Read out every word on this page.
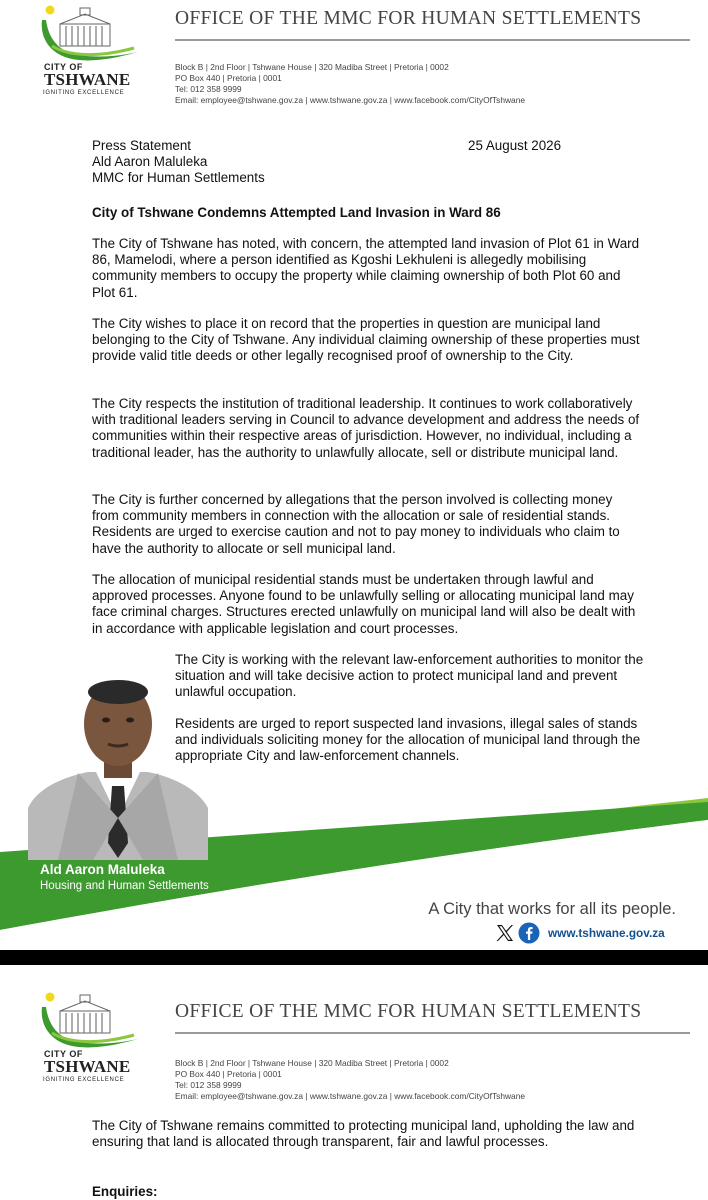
CITY OF
TSHWANE
IGNITING EXCELLENCE
OFFICE OF THE MMC FOR HUMAN SETTLEMENTS
Block B | 2nd Floor | Tshwane House | 320 Madiba Street | Pretoria | 0002
PO Box 440 | Pretoria | 0001
Tel: 012 358 9999
Email: employee@tshwane.gov.za | www.tshwane.gov.za | www.facebook.com/CityOfTshwane
Press Statement
Ald Aaron Maluleka
MMC for Human Settlements
25 August 2026
City of Tshwane Condemns Attempted Land Invasion in Ward 86
The City of Tshwane has noted, with concern, the attempted land invasion of Plot 61 in Ward 86, Mamelodi, where a person identified as Kgoshi Lekhuleni is allegedly mobilising community members to occupy the property while claiming ownership of both Plot 60 and Plot 61.
The City wishes to place it on record that the properties in question are municipal land belonging to the City of Tshwane. Any individual claiming ownership of these properties must provide valid title deeds or other legally recognised proof of ownership to the City.
The City respects the institution of traditional leadership. It continues to work collaboratively with traditional leaders serving in Council to advance development and address the needs of communities within their respective areas of jurisdiction. However, no individual, including a traditional leader, has the authority to unlawfully allocate, sell or distribute municipal land.
The City is further concerned by allegations that the person involved is collecting money from community members in connection with the allocation or sale of residential stands. Residents are urged to exercise caution and not to pay money to individuals who claim to have the authority to allocate or sell municipal land.
The allocation of municipal residential stands must be undertaken through lawful and approved processes. Anyone found to be unlawfully selling or allocating municipal land may face criminal charges. Structures erected unlawfully on municipal land will also be dealt with in accordance with applicable legislation and court processes.
The City is working with the relevant law-enforcement authorities to monitor the situation and will take decisive action to protect municipal land and prevent unlawful occupation.
Residents are urged to report suspected land invasions, illegal sales of stands and individuals soliciting money for the allocation of municipal land through the appropriate City and law-enforcement channels.
Ald Aaron Maluleka
Housing and Human Settlements
A City that works for all its people.
www.tshwane.gov.za
CITY OF
TSHWANE
IGNITING EXCELLENCE
OFFICE OF THE MMC FOR HUMAN SETTLEMENTS
Block B | 2nd Floor | Tshwane House | 320 Madiba Street | Pretoria | 0002
PO Box 440 | Pretoria | 0001
Tel: 012 358 9999
Email: employee@tshwane.gov.za | www.tshwane.gov.za | www.facebook.com/CityOfTshwane
The City of Tshwane remains committed to protecting municipal land, upholding the law and ensuring that land is allocated through transparent, fair and lawful processes.
Enquiries:
